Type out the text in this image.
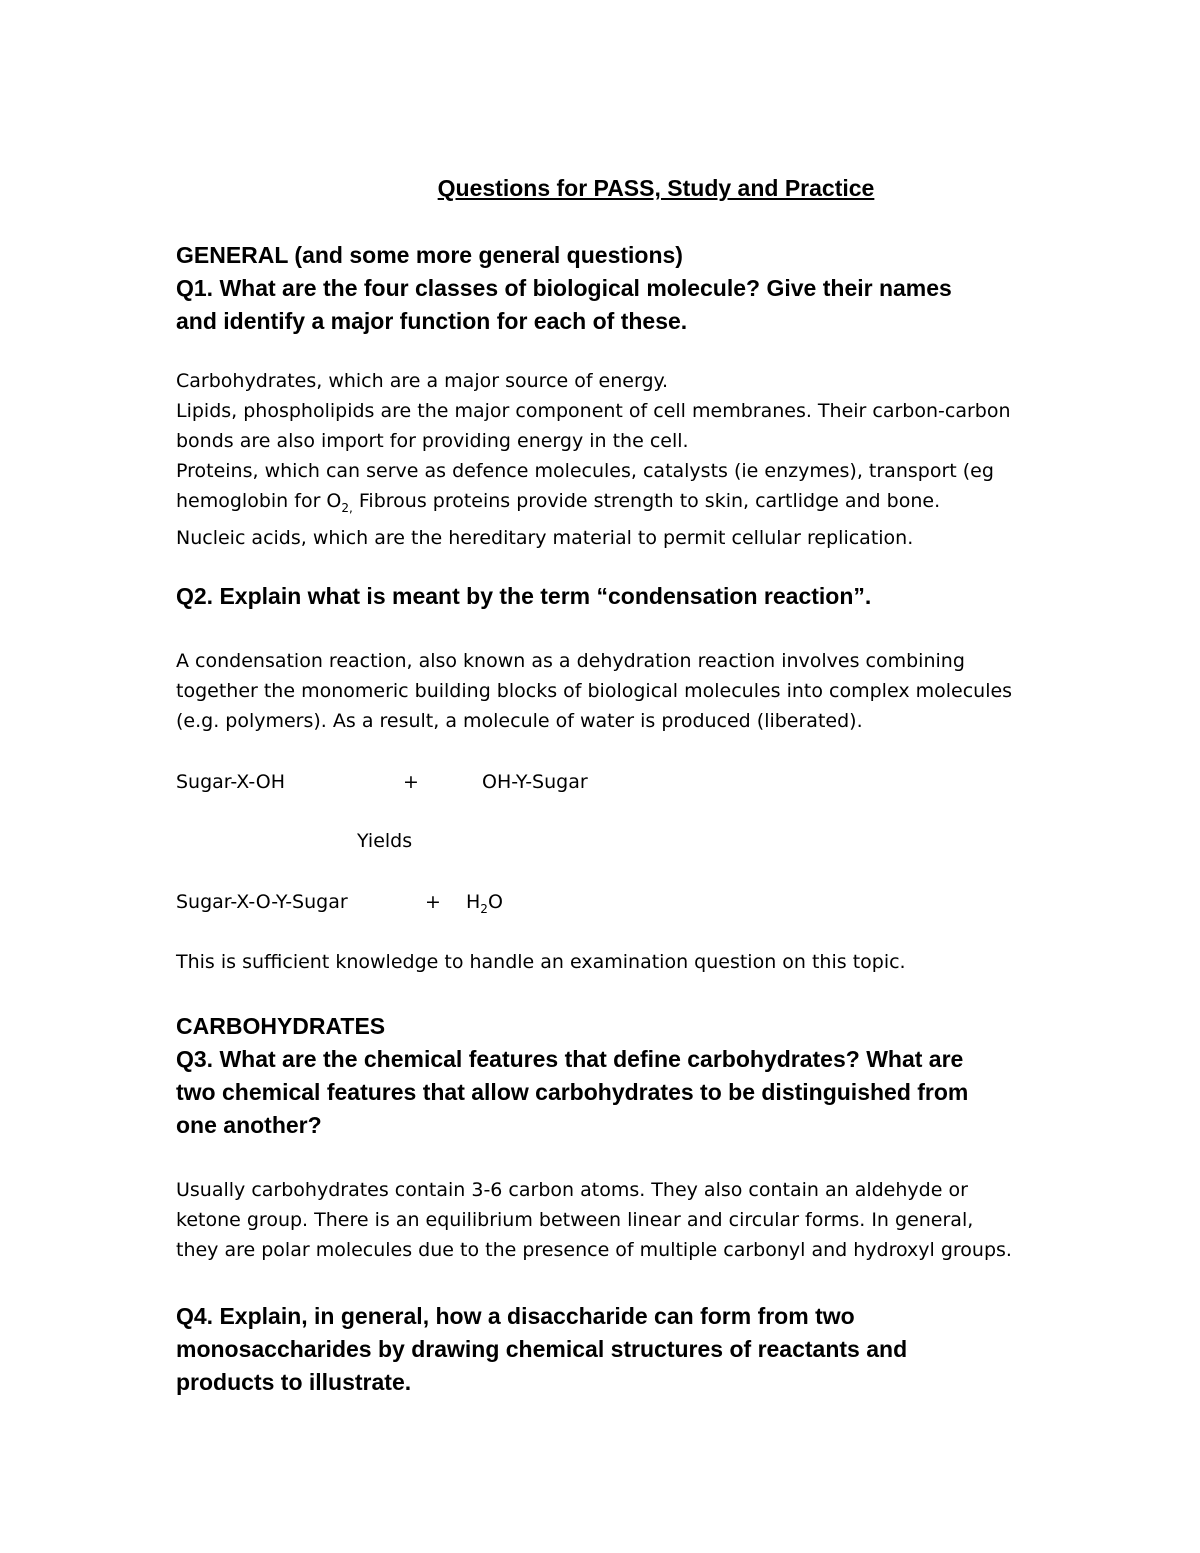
Questions for PASS, Study and Practice
GENERAL (and some more general questions)
Q1. What are the four classes of biological molecule? Give their names
and identify a major function for each of these.
Carbohydrates, which are a major source of energy.
Lipids, phospholipids are the major component of cell membranes. Their carbon-carbon
bonds are also import for providing energy in the cell.
Proteins, which can serve as defence molecules, catalysts (ie enzymes), transport (eg
hemoglobin for $O_{2,}$ Fibrous proteins provide strength to skin, cartlidge and bone.
Nucleic acids, which are the hereditary material to permit cellular replication.
Q2. Explain what is meant by the term “condensation reaction”.
A condensation reaction, also known as a dehydration reaction involves combining
together the monomeric building blocks of biological molecules into complex molecules
(e.g. polymers). As a result, a molecule of water is produced (liberated).
Sugar-X-OH	+	OH-Y-Sugar
Yields
Sugar-X-O-Y-Sugar	+ $H_2O$
This is sufficient knowledge to handle an examination question on this topic.
CARBOHYDRATES
Q3. What are the chemical features that define carbohydrates? What are
two chemical features that allow carbohydrates to be distinguished from
one another?
Usually carbohydrates contain 3-6 carbon atoms. They also contain an aldehyde or
ketone group. There is an equilibrium between linear and circular forms. In general,
they are polar molecules due to the presence of multiple carbonyl and hydroxyl groups.
Q4. Explain, in general, how a disaccharide can form from two
monosaccharides by drawing chemical structures of reactants and
products to illustrate.
